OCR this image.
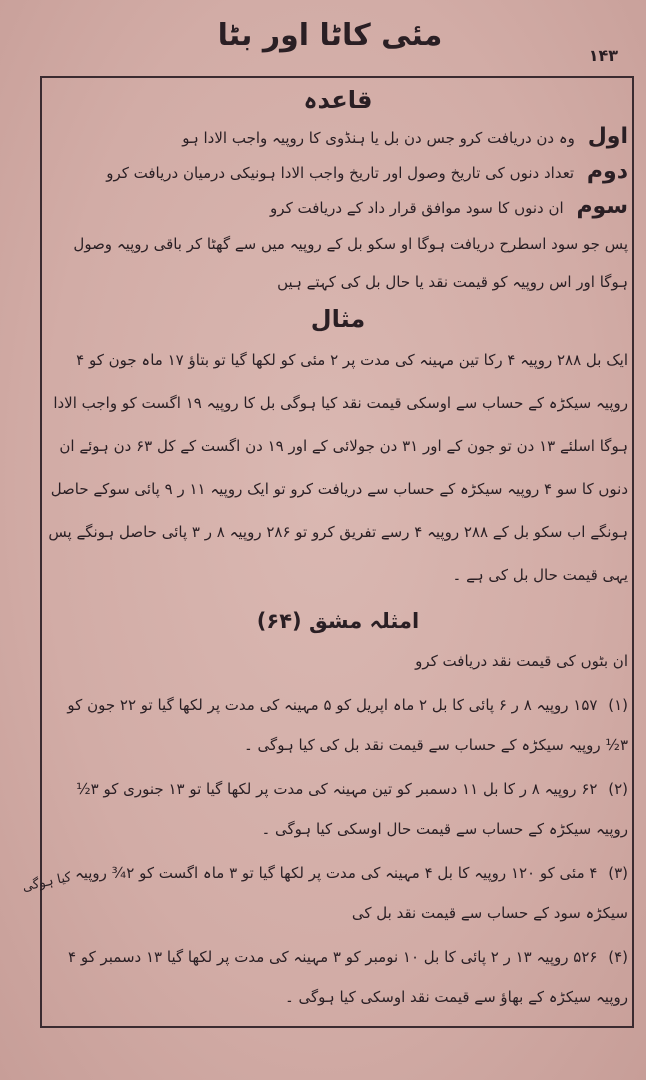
مئی کاٹا اور بٹا
۱۴۳
قاعدہ
اول وہ دن دریافت کرو جس دن بل یا ہنڈوی کا روپیہ واجب الادا ہو
دوم تعداد دنوں کی تاریخ وصول اور تاریخ واجب الادا ہونیکی درمیان دریافت کرو
سوم ان دنوں کا سود موافق قرار داد کے دریافت کرو
پس جو سود اسطرح دریافت ہوگا او سکو بل کے روپیہ میں سے گھٹا کر باقی روپیہ وصول ہوگا اور اس روپیہ کو قیمت نقد یا حال بل کی کہتے ہیں
مثال
ایک بل ۲۸۸ روپیہ ۴ رکا تین مہینہ کی مدت پر ۲ مئی کو لکھا گیا تو بتاؤ ۱۷ ماہ جون کو ۴ روپیہ سیکڑہ کے حساب سے اوسکی قیمت نقد کیا ہوگی بل کا روپیہ ۱۹ اگست کو واجب الادا ہوگا اسلئے ۱۳ دن تو جون کے اور ۳۱ دن جولائی کے اور ۱۹ دن اگست کے کل ۶۳ دن ہوئے ان دنوں کا سو ۴ روپیہ سیکڑہ کے حساب سے دریافت کرو تو ایک روپیہ ۱۱ ر ۹ پائی سوکے حاصل ہونگے اب سکو بل کے ۲۸۸ روپیہ ۴ رسے تفریق کرو تو ۲۸۶ روپیہ ۸ ر ۳ پائی حاصل ہونگے پس یہی قیمت حال بل کی ہے ۔
امثلہ مشق (۶۴)
ان بٹوں کی قیمت نقد دریافت کرو
(۱) ۱۵۷ روپیہ ۸ ر ۶ پائی کا بل ۲ ماہ اپریل کو ۵ مہینہ کی مدت پر لکھا گیا تو ۲۲ جون کو ۳½ روپیہ سیکڑہ کے حساب سے قیمت نقد بل کی کیا ہوگی ۔
(۲) ۶۲ روپیہ ۸ ر کا بل ۱۱ دسمبر کو تین مہینہ کی مدت پر لکھا گیا تو ۱۳ جنوری کو ۳½ روپیہ سیکڑہ کے حساب سے قیمت حال اوسکی کیا ہوگی ۔
(۳) ۴ مئی کو ۱۲۰ روپیہ کا بل ۴ مہینہ کی مدت پر لکھا گیا تو ۳ ماہ اگست کو ۲¾ روپیہ سیکڑہ سود کے حساب سے قیمت نقد بل کی
(۴) ۵۲۶ روپیہ ۱۳ ر ۲ پائی کا بل ۱۰ نومبر کو ۳ مہینہ کی مدت پر لکھا گیا ۱۳ دسمبر کو ۴ روپیہ سیکڑہ کے بھاؤ سے قیمت نقد اوسکی کیا ہوگی ۔
کیا ہوگی
